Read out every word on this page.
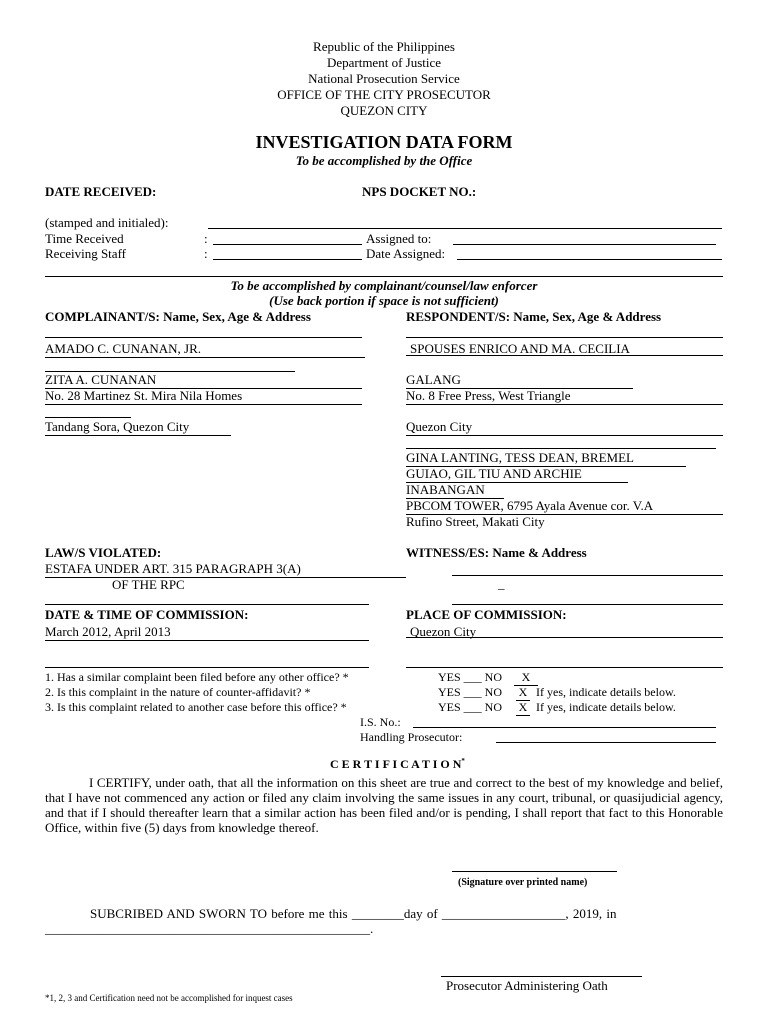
Republic of the Philippines
Department of Justice
National Prosecution Service
OFFICE OF THE CITY PROSECUTOR
QUEZON CITY
INVESTIGATION DATA FORM
To be accomplished by the Office
DATE RECEIVED:	NPS DOCKET NO.:
(stamped and initialed):
Time Received	:	Assigned to:
Receiving Staff	:	Date Assigned:
To be accomplished by complainant/counsel/law enforcer
(Use back portion if space is not sufficient)
COMPLAINANT/S: Name, Sex, Age & Address	RESPONDENT/S: Name, Sex, Age & Address
AMADO C. CUNANAN, JR.	SPOUSES ENRICO AND MA. CECILIA
ZITA A. CUNANAN	GALANG
No. 28 Martinez St. Mira Nila Homes	No. 8 Free Press, West Triangle
Tandang Sora, Quezon City	Quezon City
GINA LANTING, TESS DEAN, BREMEL
GUIAO, GIL TIU AND ARCHIE
INABANGAN
PBCOM TOWER, 6795 Ayala Avenue cor. V.A
Rufino Street, Makati City
LAW/S VIOLATED:	WITNESS/ES: Name & Address
ESTAFA UNDER ART. 315 PARAGRAPH 3(A)
OF THE RPC	_
DATE & TIME OF COMMISSION:	PLACE OF COMMISSION:
March 2012, April 2013	Quezon City
1. Has a similar complaint been filed before any other office? *	YES ___ NO	X
2. Is this complaint in the nature of counter-affidavit? *	YES ___ NO X If yes, indicate details below.
3. Is this complaint related to another case before this office? *	YES ___ NO X If yes, indicate details below.
I.S. No.:
Handling Prosecutor:
C E R T I F I C A T I O N*
I CERTIFY, under oath, that all the information on this sheet are true and correct to the best of my knowledge and belief, that I have not commenced any action or filed any claim involving the same issues in any court, tribunal, or quasijudicial agency, and that if I should thereafter learn that a similar action has been filed and/or is pending, I shall report that fact to this Honorable Office, within five (5) days from knowledge thereof.
(Signature over printed name)
SUBCRIBED AND SWORN TO before me this ________day of ___________________, 2019, in
__________________________________________________.
Prosecutor Administering Oath
*1, 2, 3 and Certification need not be accomplished for inquest cases
